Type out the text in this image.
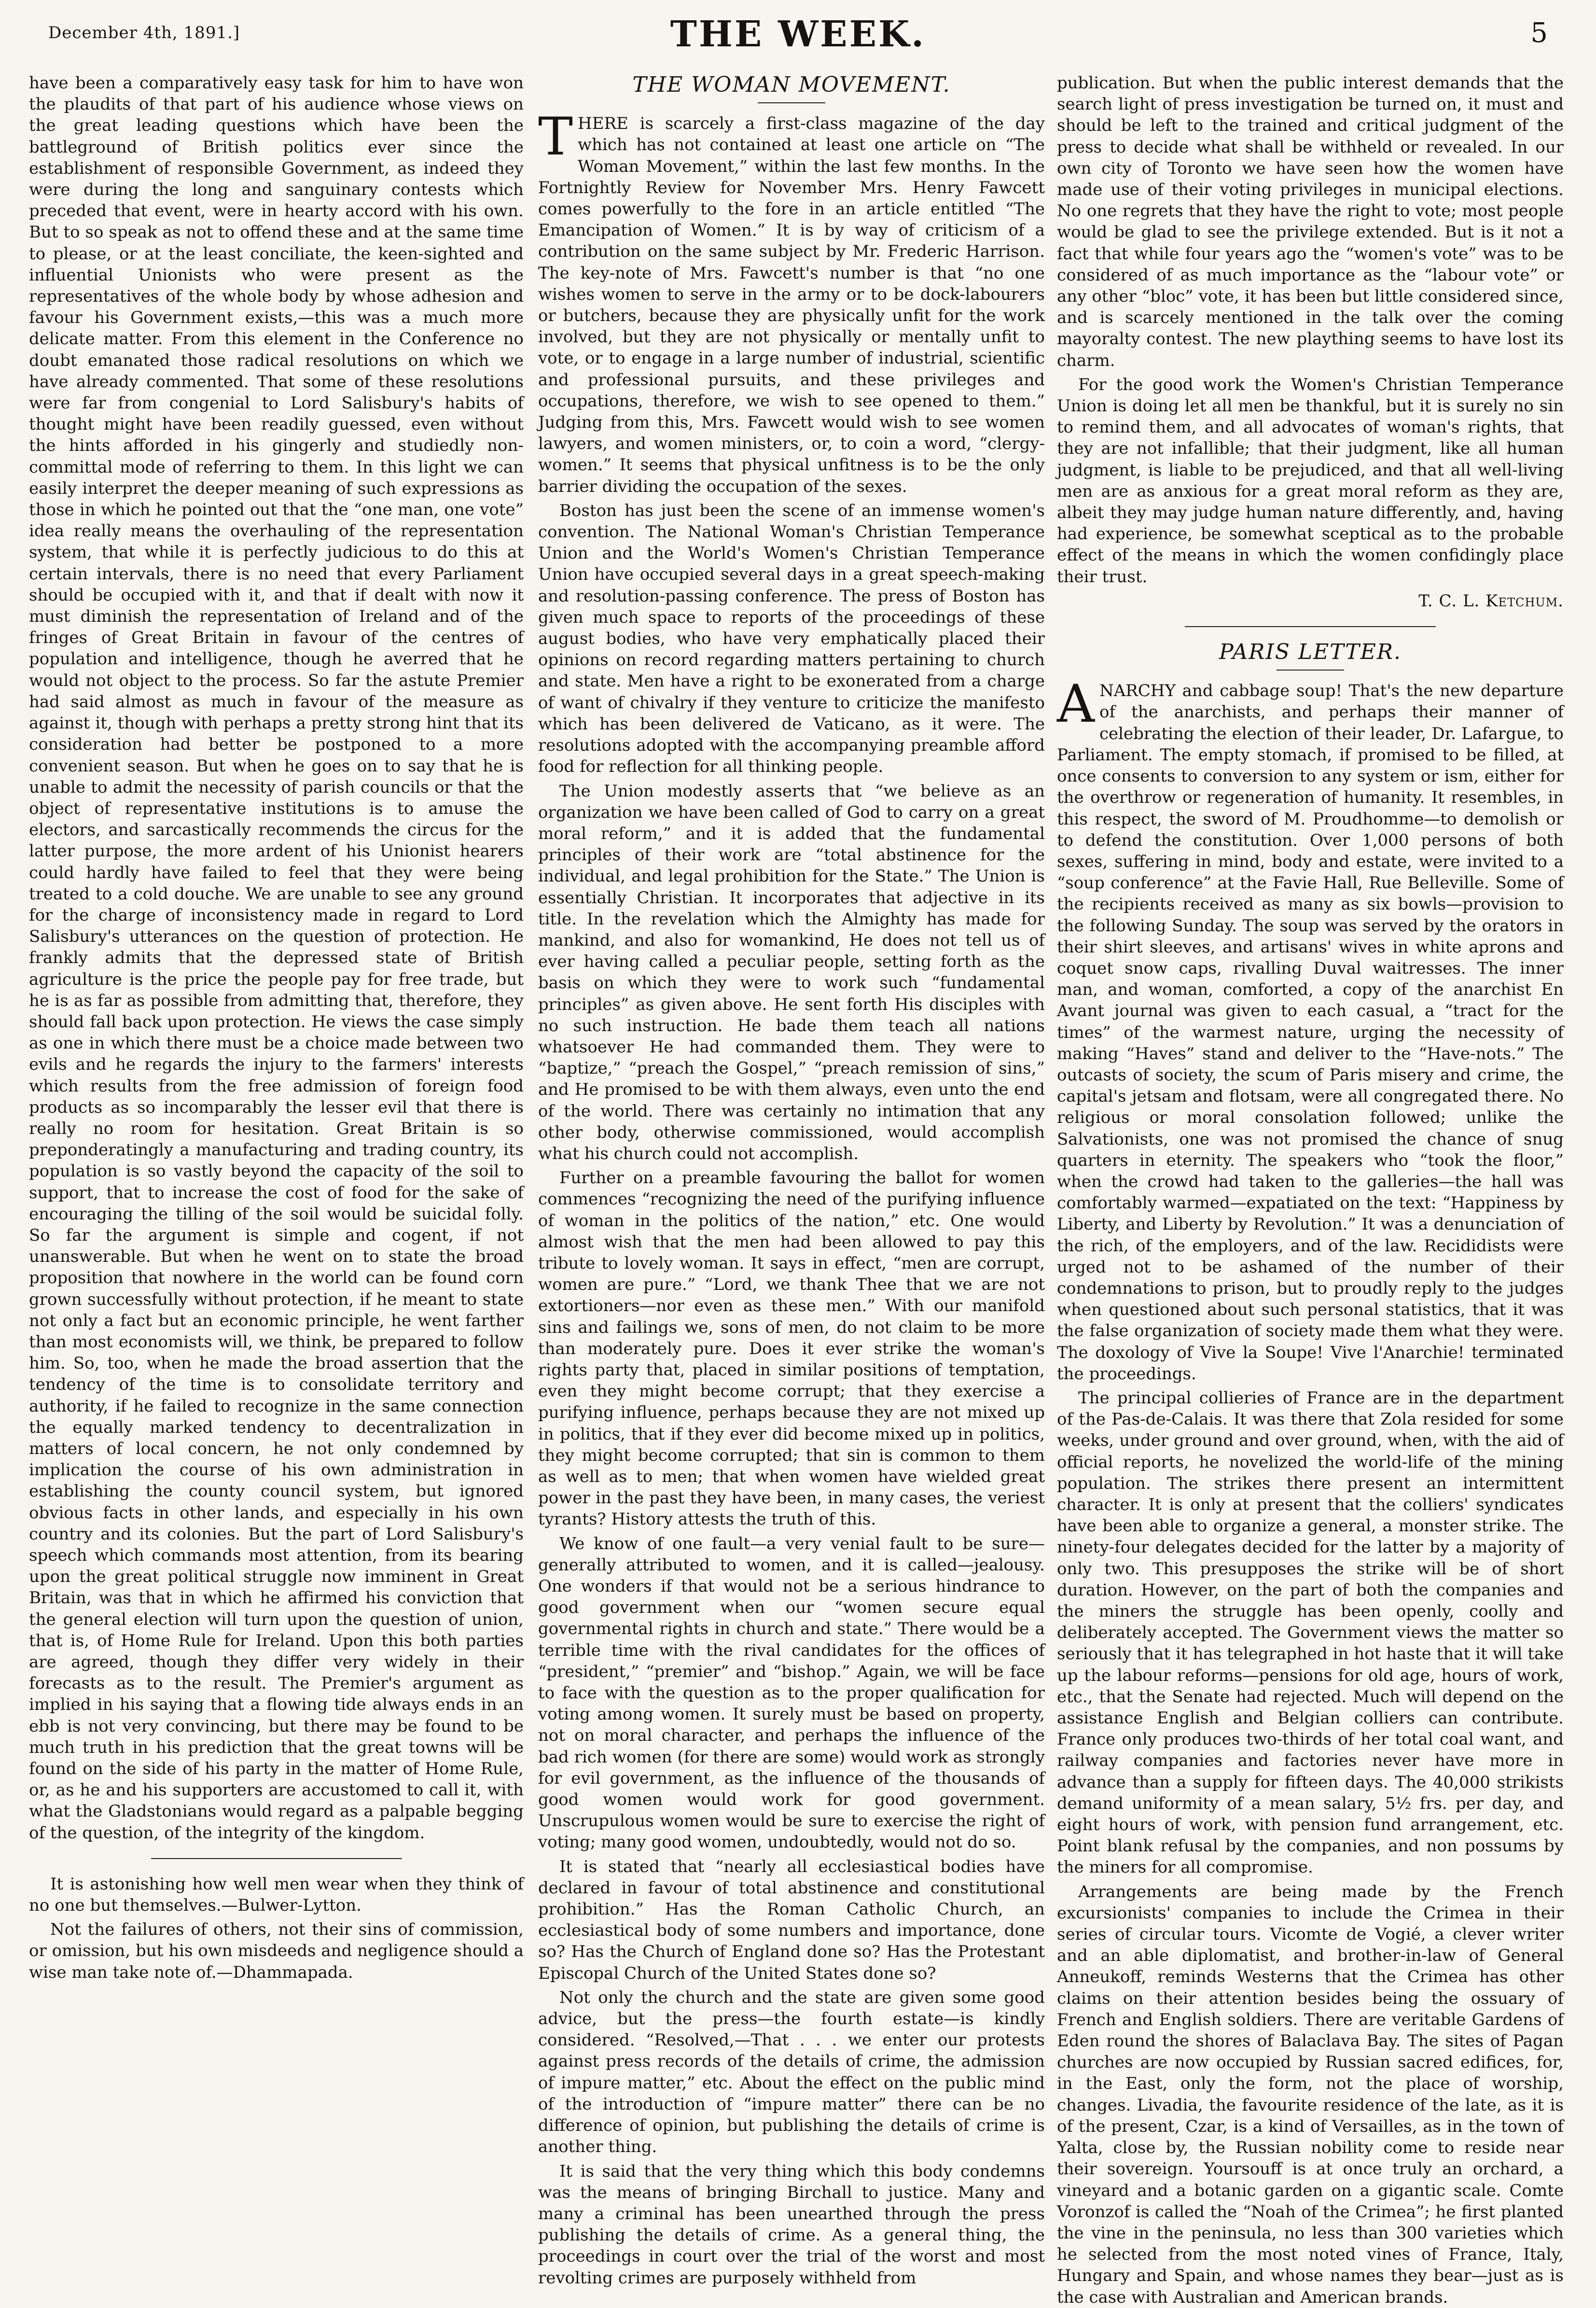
December 4th, 1891.]	THE WEEK.	5

have been a comparatively easy task for him to have won the plaudits of that part of his audience whose views on the great leading questions which have been the battleground of British politics ever since the establishment of responsible Government, as indeed they were during the long and sanguinary contests which preceded that event, were in hearty accord with his own. But to so speak as not to offend these and at the same time to please, or at the least conciliate, the keen-sighted and influential Unionists who were present as the representatives of the whole body by whose adhesion and favour his Government exists,—this was a much more delicate matter. From this element in the Conference no doubt emanated those radical resolutions on which we have already commented. That some of these resolutions were far from congenial to Lord Salisbury's habits of thought might have been readily guessed, even without the hints afforded in his gingerly and studiedly non-committal mode of referring to them. In this light we can easily interpret the deeper meaning of such expressions as those in which he pointed out that the “one man, one vote” idea really means the overhauling of the representation system, that while it is perfectly judicious to do this at certain intervals, there is no need that every Parliament should be occupied with it, and that if dealt with now it must diminish the representation of Ireland and of the fringes of Great Britain in favour of the centres of population and intelligence, though he averred that he would not object to the process. So far the astute Premier had said almost as much in favour of the measure as against it, though with perhaps a pretty strong hint that its consideration had better be postponed to a more convenient season. But when he goes on to say that he is unable to admit the necessity of parish councils or that the object of representative institutions is to amuse the electors, and sarcastically recommends the circus for the latter purpose, the more ardent of his Unionist hearers could hardly have failed to feel that they were being treated to a cold douche. We are unable to see any ground for the charge of inconsistency made in regard to Lord Salisbury's utterances on the question of protection. He frankly admits that the depressed state of British agriculture is the price the people pay for free trade, but he is as far as possible from admitting that, therefore, they should fall back upon protection. He views the case simply as one in which there must be a choice made between two evils and he regards the injury to the farmers' interests which results from the free admission of foreign food products as so incomparably the lesser evil that there is really no room for hesitation. Great Britain is so preponderatingly a manufacturing and trading country, its population is so vastly beyond the capacity of the soil to support, that to increase the cost of food for the sake of encouraging the tilling of the soil would be suicidal folly. So far the argument is simple and cogent, if not unanswerable. But when he went on to state the broad proposition that nowhere in the world can be found corn grown successfully without protection, if he meant to state not only a fact but an economic principle, he went farther than most economists will, we think, be prepared to follow him. So, too, when he made the broad assertion that the tendency of the time is to consolidate territory and authority, if he failed to recognize in the same connection the equally marked tendency to decentralization in matters of local concern, he not only condemned by implication the course of his own administration in establishing the county council system, but ignored obvious facts in other lands, and especially in his own country and its colonies. But the part of Lord Salisbury's speech which commands most attention, from its bearing upon the great political struggle now imminent in Great Britain, was that in which he affirmed his conviction that the general election will turn upon the question of union, that is, of Home Rule for Ireland. Upon this both parties are agreed, though they differ very widely in their forecasts as to the result. The Premier's argument as implied in his saying that a flowing tide always ends in an ebb is not very convincing, but there may be found to be much truth in his prediction that the great towns will be found on the side of his party in the matter of Home Rule, or, as he and his supporters are accustomed to call it, with what the Gladstonians would regard as a palpable begging of the question, of the integrity of the kingdom.

It is astonishing how well men wear when they think of no one but themselves.—Bulwer-Lytton.

Not the failures of others, not their sins of commission, or omission, but his own misdeeds and negligence should a wise man take note of.—Dhammapada.

THE WOMAN MOVEMENT.

THERE is scarcely a first-class magazine of the day which has not contained at least one article on “The Woman Movement,” within the last few months. In the Fortnightly Review for November Mrs. Henry Fawcett comes powerfully to the fore in an article entitled “The Emancipation of Women.” It is by way of criticism of a contribution on the same subject by Mr. Frederic Harrison. The key-note of Mrs. Fawcett's number is that “no one wishes women to serve in the army or to be dock-labourers or butchers, because they are physically unfit for the work involved, but they are not physically or mentally unfit to vote, or to engage in a large number of industrial, scientific and professional pursuits, and these privileges and occupations, therefore, we wish to see opened to them.” Judging from this, Mrs. Fawcett would wish to see women lawyers, and women ministers, or, to coin a word, “clergy-women.” It seems that physical unfitness is to be the only barrier dividing the occupation of the sexes.

Boston has just been the scene of an immense women's convention. The National Woman's Christian Temperance Union and the World's Women's Christian Temperance Union have occupied several days in a great speech-making and resolution-passing conference. The press of Boston has given much space to reports of the proceedings of these august bodies, who have very emphatically placed their opinions on record regarding matters pertaining to church and state. Men have a right to be exonerated from a charge of want of chivalry if they venture to criticize the manifesto which has been delivered de Vaticano, as it were. The resolutions adopted with the accompanying preamble afford food for reflection for all thinking people.

The Union modestly asserts that “we believe as an organization we have been called of God to carry on a great moral reform,” and it is added that the fundamental principles of their work are “total abstinence for the individual, and legal prohibition for the State.” The Union is essentially Christian. It incorporates that adjective in its title. In the revelation which the Almighty has made for mankind, and also for womankind, He does not tell us of ever having called a peculiar people, setting forth as the basis on which they were to work such “fundamental principles” as given above. He sent forth His disciples with no such instruction. He bade them teach all nations whatsoever He had commanded them. They were to “baptize,” “preach the Gospel,” “preach remission of sins,” and He promised to be with them always, even unto the end of the world. There was certainly no intimation that any other body, otherwise commissioned, would accomplish what his church could not accomplish.

Further on a preamble favouring the ballot for women commences “recognizing the need of the purifying influence of woman in the politics of the nation,” etc. One would almost wish that the men had been allowed to pay this tribute to lovely woman. It says in effect, “men are corrupt, women are pure.” “Lord, we thank Thee that we are not extortioners—nor even as these men.” With our manifold sins and failings we, sons of men, do not claim to be more than moderately pure. Does it ever strike the woman's rights party that, placed in similar positions of temptation, even they might become corrupt; that they exercise a purifying influence, perhaps because they are not mixed up in politics, that if they ever did become mixed up in politics, they might become corrupted; that sin is common to them as well as to men; that when women have wielded great power in the past they have been, in many cases, the veriest tyrants? History attests the truth of this.

We know of one fault—a very venial fault to be sure—generally attributed to women, and it is called—jealousy. One wonders if that would not be a serious hindrance to good government when our “women secure equal governmental rights in church and state.” There would be a terrible time with the rival candidates for the offices of “president,” “premier” and “bishop.” Again, we will be face to face with the question as to the proper qualification for voting among women. It surely must be based on property, not on moral character, and perhaps the influence of the bad rich women (for there are some) would work as strongly for evil government, as the influence of the thousands of good women would work for good government. Unscrupulous women would be sure to exercise the right of voting; many good women, undoubtedly, would not do so.

It is stated that “nearly all ecclesiastical bodies have declared in favour of total abstinence and constitutional prohibition.” Has the Roman Catholic Church, an ecclesiastical body of some numbers and importance, done so? Has the Church of England done so? Has the Protestant Episcopal Church of the United States done so?

Not only the church and the state are given some good advice, but the press—the fourth estate—is kindly considered. “Resolved,—That . . . we enter our protests against press records of the details of crime, the admission of impure matter,” etc. About the effect on the public mind of the introduction of “impure matter” there can be no difference of opinion, but publishing the details of crime is another thing.

It is said that the very thing which this body condemns was the means of bringing Birchall to justice. Many and many a criminal has been unearthed through the press publishing the details of crime. As a general thing, the proceedings in court over the trial of the worst and most revolting crimes are purposely withheld from

publication. But when the public interest demands that the search light of press investigation be turned on, it must and should be left to the trained and critical judgment of the press to decide what shall be withheld or revealed. In our own city of Toronto we have seen how the women have made use of their voting privileges in municipal elections. No one regrets that they have the right to vote; most people would be glad to see the privilege extended. But is it not a fact that while four years ago the “women's vote” was to be considered of as much importance as the “labour vote” or any other “bloc” vote, it has been but little considered since, and is scarcely mentioned in the talk over the coming mayoralty contest. The new plaything seems to have lost its charm.

For the good work the Women's Christian Temperance Union is doing let all men be thankful, but it is surely no sin to remind them, and all advocates of woman's rights, that they are not infallible; that their judgment, like all human judgment, is liable to be prejudiced, and that all well-living men are as anxious for a great moral reform as they are, albeit they may judge human nature differently, and, having had experience, be somewhat sceptical as to the probable effect of the means in which the women confidingly place their trust.

T. C. L. Ketchum.

PARIS LETTER.

ANARCHY and cabbage soup! That's the new departure of the anarchists, and perhaps their manner of celebrating the election of their leader, Dr. Lafargue, to Parliament. The empty stomach, if promised to be filled, at once consents to conversion to any system or ism, either for the overthrow or regeneration of humanity. It resembles, in this respect, the sword of M. Proudhomme—to demolish or to defend the constitution. Over 1,000 persons of both sexes, suffering in mind, body and estate, were invited to a “soup conference” at the Favie Hall, Rue Belleville. Some of the recipients received as many as six bowls—provision to the following Sunday. The soup was served by the orators in their shirt sleeves, and artisans' wives in white aprons and coquet snow caps, rivalling Duval waitresses. The inner man, and woman, comforted, a copy of the anarchist En Avant journal was given to each casual, a “tract for the times” of the warmest nature, urging the necessity of making “Haves” stand and deliver to the “Have-nots.” The outcasts of society, the scum of Paris misery and crime, the capital's jetsam and flotsam, were all congregated there. No religious or moral consolation followed; unlike the Salvationists, one was not promised the chance of snug quarters in eternity. The speakers who “took the floor,” when the crowd had taken to the galleries—the hall was comfortably warmed—expatiated on the text: “Happiness by Liberty, and Liberty by Revolution.” It was a denunciation of the rich, of the employers, and of the law. Recididists were urged not to be ashamed of the number of their condemnations to prison, but to proudly reply to the judges when questioned about such personal statistics, that it was the false organization of society made them what they were. The doxology of Vive la Soupe! Vive l'Anarchie! terminated the proceedings.

The principal collieries of France are in the department of the Pas-de-Calais. It was there that Zola resided for some weeks, under ground and over ground, when, with the aid of official reports, he novelized the world-life of the mining population. The strikes there present an intermittent character. It is only at present that the colliers' syndicates have been able to organize a general, a monster strike. The ninety-four delegates decided for the latter by a majority of only two. This presupposes the strike will be of short duration. However, on the part of both the companies and the miners the struggle has been openly, coolly and deliberately accepted. The Government views the matter so seriously that it has telegraphed in hot haste that it will take up the labour reforms—pensions for old age, hours of work, etc., that the Senate had rejected. Much will depend on the assistance English and Belgian colliers can contribute. France only produces two-thirds of her total coal want, and railway companies and factories never have more in advance than a supply for fifteen days. The 40,000 strikists demand uniformity of a mean salary, 5½ frs. per day, and eight hours of work, with pension fund arrangement, etc. Point blank refusal by the companies, and non possums by the miners for all compromise.

Arrangements are being made by the French excursionists' companies to include the Crimea in their series of circular tours. Vicomte de Vogié, a clever writer and an able diplomatist, and brother-in-law of General Anneukoff, reminds Westerns that the Crimea has other claims on their attention besides being the ossuary of French and English soldiers. There are veritable Gardens of Eden round the shores of Balaclava Bay. The sites of Pagan churches are now occupied by Russian sacred edifices, for, in the East, only the form, not the place of worship, changes. Livadia, the favourite residence of the late, as it is of the present, Czar, is a kind of Versailles, as in the town of Yalta, close by, the Russian nobility come to reside near their sovereign. Yoursouff is at once truly an orchard, a vineyard and a botanic garden on a gigantic scale. Comte Voronzof is called the “Noah of the Crimea”; he first planted the vine in the peninsula, no less than 300 varieties which he selected from the most noted vines of France, Italy, Hungary and Spain, and whose names they bear—just as is the case with Australian and American brands.
